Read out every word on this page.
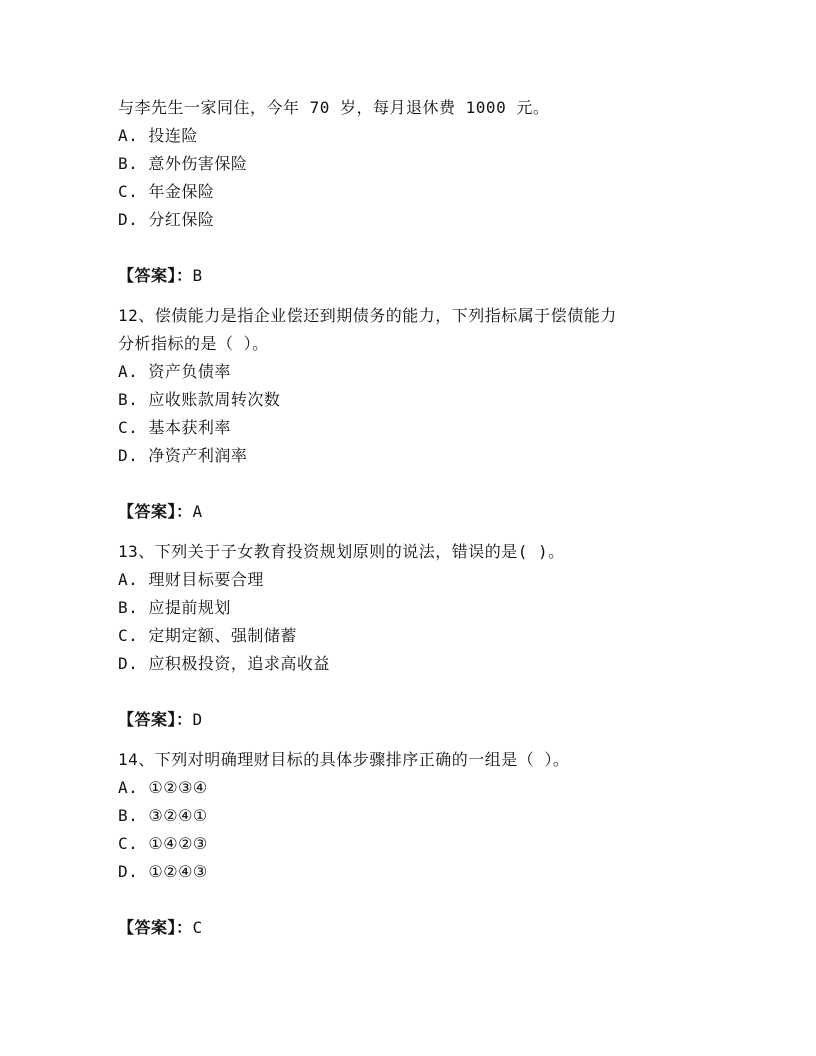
与李先生一家同住，今年 70 岁，每月退休费 1000 元。
A. 投连险
B. 意外伤害保险
C. 年金保险
D. 分红保险
【答案】：B
12、偿债能力是指企业偿还到期债务的能力，下列指标属于偿债能力
分析指标的是（ ）。
A. 资产负债率
B. 应收账款周转次数
C. 基本获利率
D. 净资产利润率
【答案】：A
13、下列关于子女教育投资规划原则的说法，错误的是( )。
A. 理财目标要合理
B. 应提前规划
C. 定期定额、强制储蓄
D. 应积极投资，追求高收益
【答案】：D
14、下列对明确理财目标的具体步骤排序正确的一组是（ ）。
A. ①②③④
B. ③②④①
C. ①④②③
D. ①②④③
【答案】：C
